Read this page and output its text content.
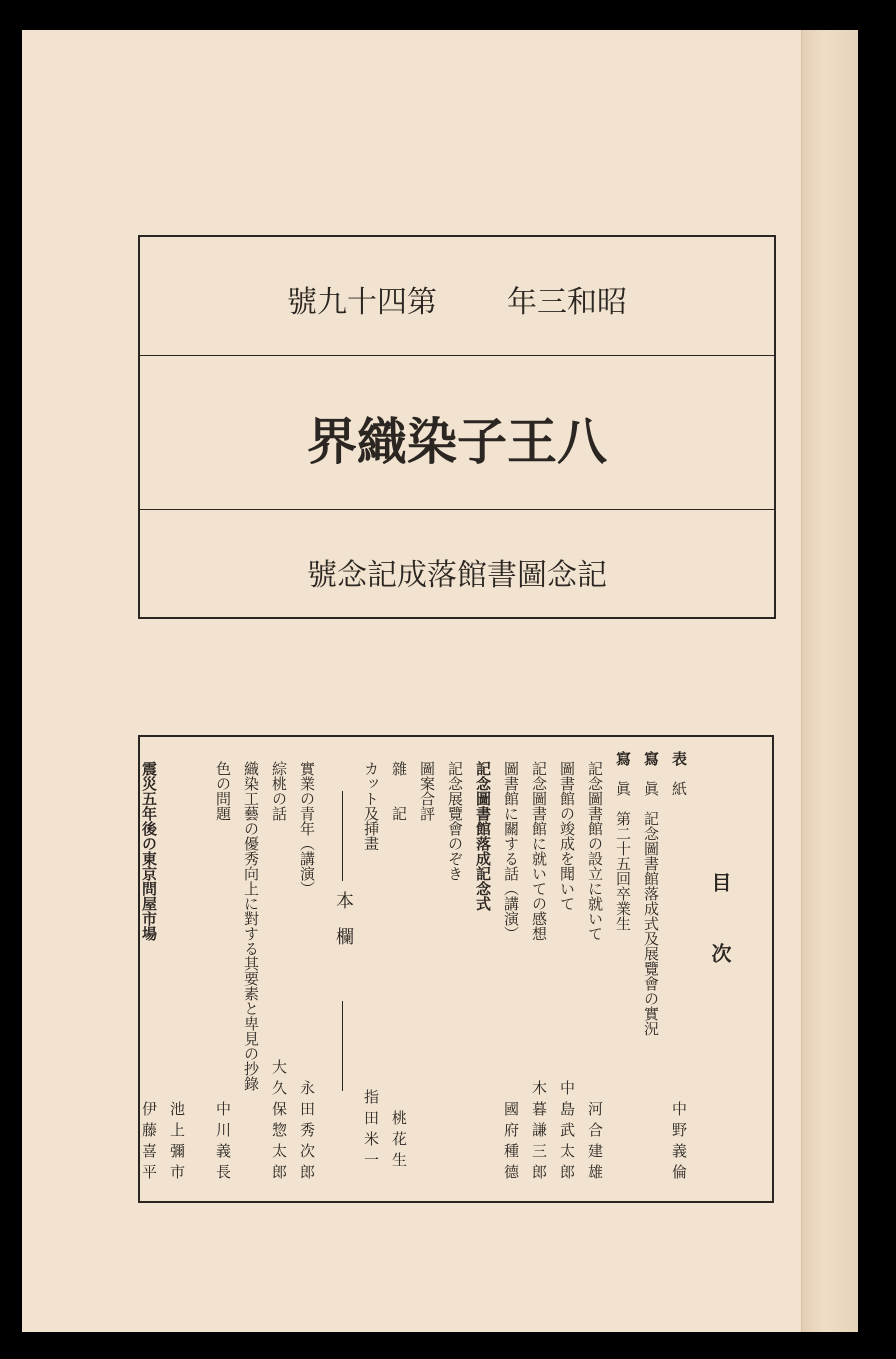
號九十四第 年三和昭
界織染子王八
號念記成落館書圖念記
目 次
表
紙
中野義倫
寫
眞　記念圖書館落成式及展覽會の實況
寫
眞　第二十五回卒業生
記念圖書館の設立に就いて
河合建雄
圖書館の竣成を聞いて
中島武太郎
記念圖書館に就いての感想
木暮謙三郎
圖書館に關する話（講演）
國府種德
記念圖書館落成記念式
記念展覽會のぞき
圖案合評
雜　　記
桃花生
カット及挿畫
指田米一
本　欄
實業の青年（講演）
永田秀次郎
綜桃の話
大久保惣太郎
織染工藝の優秀向上に對する其要素と卑見の抄錄
色の問題
中川義長
池上彌市
震災五年後の東京問屋市場
伊藤喜平
